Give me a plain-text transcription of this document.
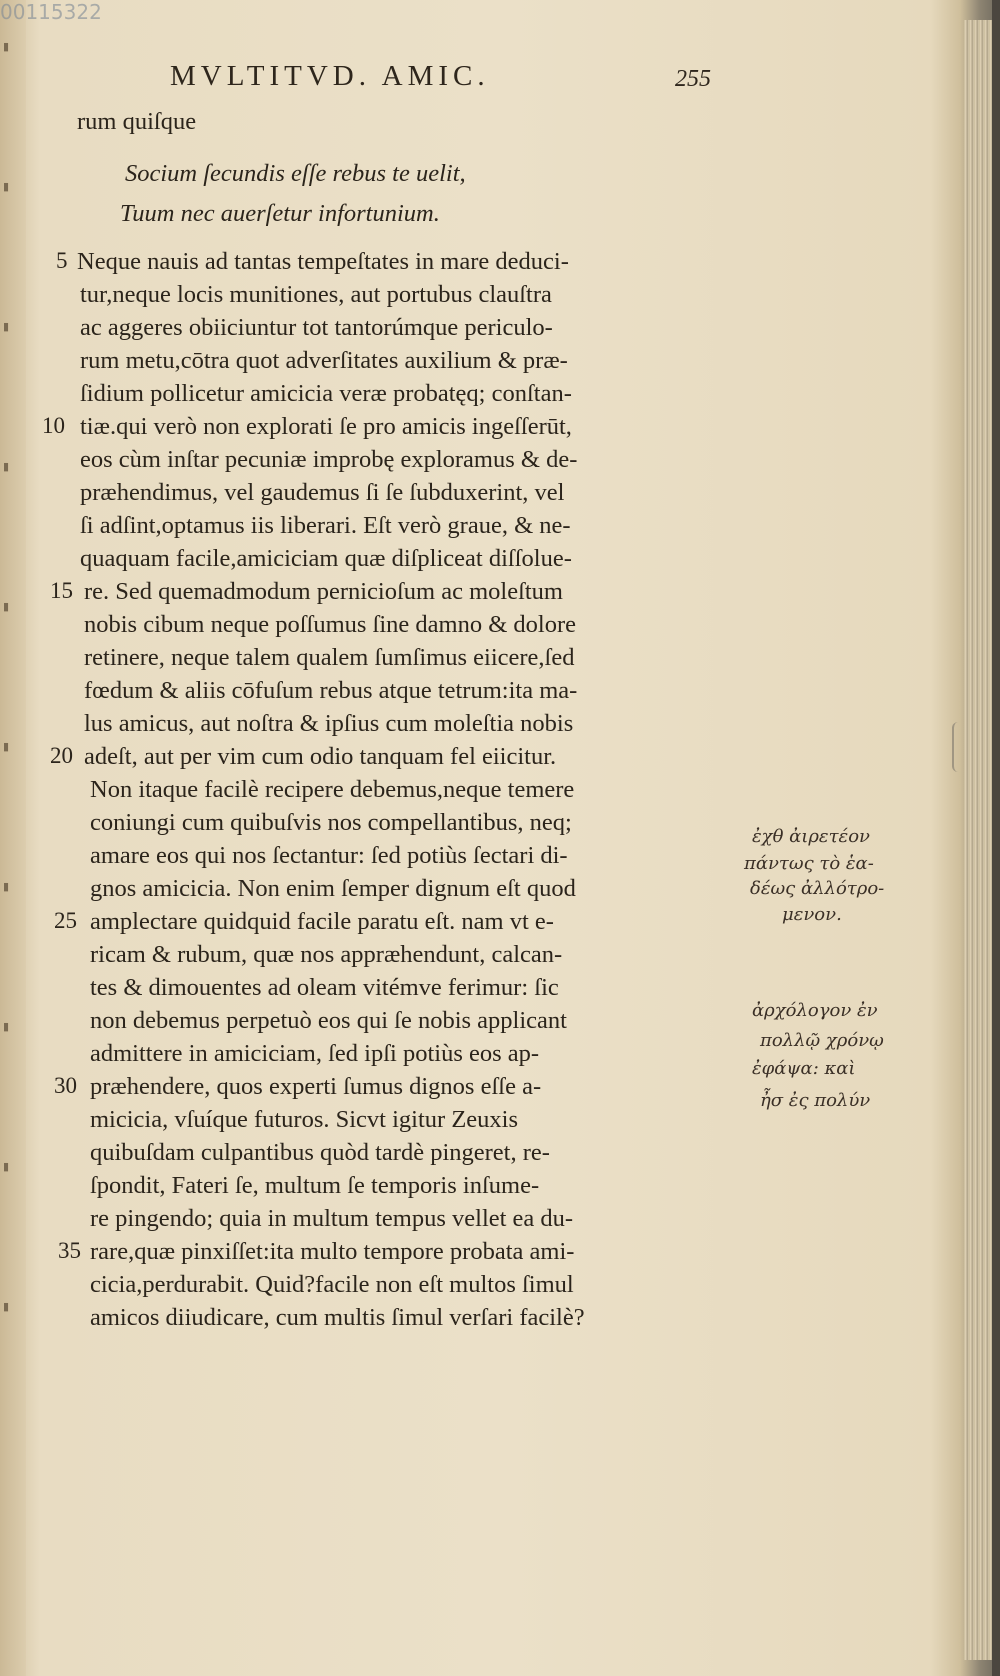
▮
▮
▮
▮
▮
▮
▮
▮
▮
▮
00115322
MVLTITVD. AMIC.	255
rum quiſque
Socium ſecundis eſſe rebus te uelit,
Tuum nec auerſetur infortunium.
Neque nauis ad tantas tempeſtates in mare deduci-
tur,neque locis munitiones, aut portubus clauſtra
ac aggeres obiiciuntur tot tantorúmque periculo-
rum metu,cōtra quot adverſitates auxilium & præ-
ſidium pollicetur amicicia veræ probatęq; conſtan-
tiæ.qui verò non explorati ſe pro amicis ingeſſerūt,
eos cùm inſtar pecuniæ improbę exploramus & de-
præhendimus, vel gaudemus ſi ſe ſubduxerint, vel
ſi adſint,optamus iis liberari. Eſt verò graue, & ne-
quaquam facile,amiciciam quæ diſpliceat diſſolue-
re. Sed quemadmodum pernicioſum ac moleſtum
nobis cibum neque poſſumus ſine damno & dolore
retinere, neque talem qualem ſumſimus eiicere,ſed
fœdum & aliis cōfuſum rebus atque tetrum:ita ma-
lus amicus, aut noſtra & ipſius cum moleſtia nobis
adeſt, aut per vim cum odio tanquam fel eiicitur.
Non itaque facilè recipere debemus,neque temere
coniungi cum quibuſvis nos compellantibus, neq;
amare eos qui nos ſectantur: ſed potiùs ſectari di-
gnos amicicia. Non enim ſemper dignum eſt quod
amplectare quidquid facile paratu eſt. nam vt e-
ricam & rubum, quæ nos appræhendunt, calcan-
tes & dimouentes ad oleam vitémve ferimur: ſic
non debemus perpetuò eos qui ſe nobis applicant
admittere in amiciciam, ſed ipſi potiùs eos ap-
præhendere, quos experti ſumus dignos eſſe a-
micicia, vſuíque futuros. Sicvt igitur Zeuxis
quibuſdam culpantibus quòd tardè pingeret, re-
ſpondit, Fateri ſe, multum ſe temporis inſume-
re pingendo; quia in multum tempus vellet ea du-
rare,quæ pinxiſſet:ita multo tempore probata ami-
cicia,perdurabit. Quid?facile non eſt multos ſimul
amicos diiudicare, cum multis ſimul verſari facilè?
5
10
15
20
25
30
35
ἐχθ ἀιρετέον
πάντως τὸ ἑα-
δέως ἀλλότρο-
μενον.
ἀρχόλογον ἐν
πολλῷ χρόνῳ
ἐφάψα: καὶ
ἦσ ἐς πολύν
